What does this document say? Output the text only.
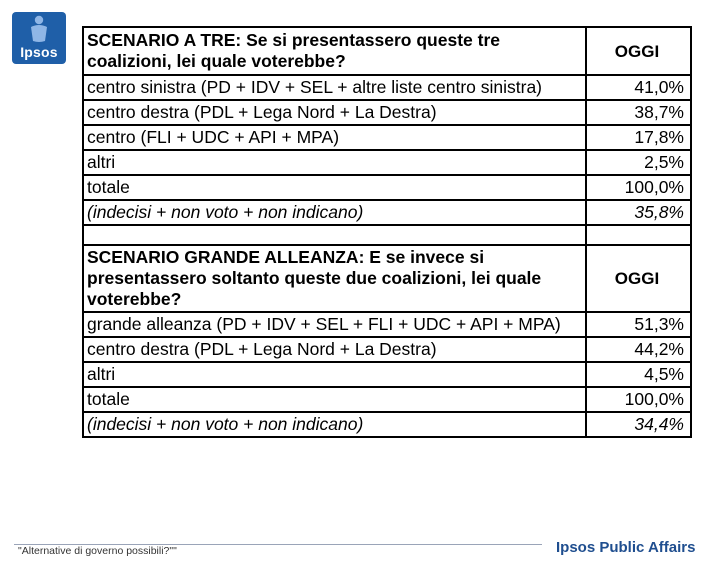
Ipsos
SCENARIO A TRE: Se si presentassero queste tre coalizioni, lei quale voterebbe?	OGGI
centro sinistra (PD + IDV + SEL + altre liste centro sinistra)	41,0%
centro destra (PDL + Lega Nord + La Destra)	38,7%
centro (FLI + UDC + API + MPA)	17,8%
altri	2,5%
totale	100,0%
(indecisi + non voto + non indicano)	35,8%

SCENARIO GRANDE ALLEANZA: E se invece si presentassero soltanto queste due coalizioni, lei quale voterebbe?	OGGI
grande alleanza (PD + IDV + SEL + FLI + UDC + API + MPA)	51,3%
centro destra (PDL + Lega Nord + La Destra)	44,2%
altri	4,5%
totale	100,0%
(indecisi + non voto + non indicano)	34,4%
"Alternative di governo possibili?""	Ipsos Public Affairs
